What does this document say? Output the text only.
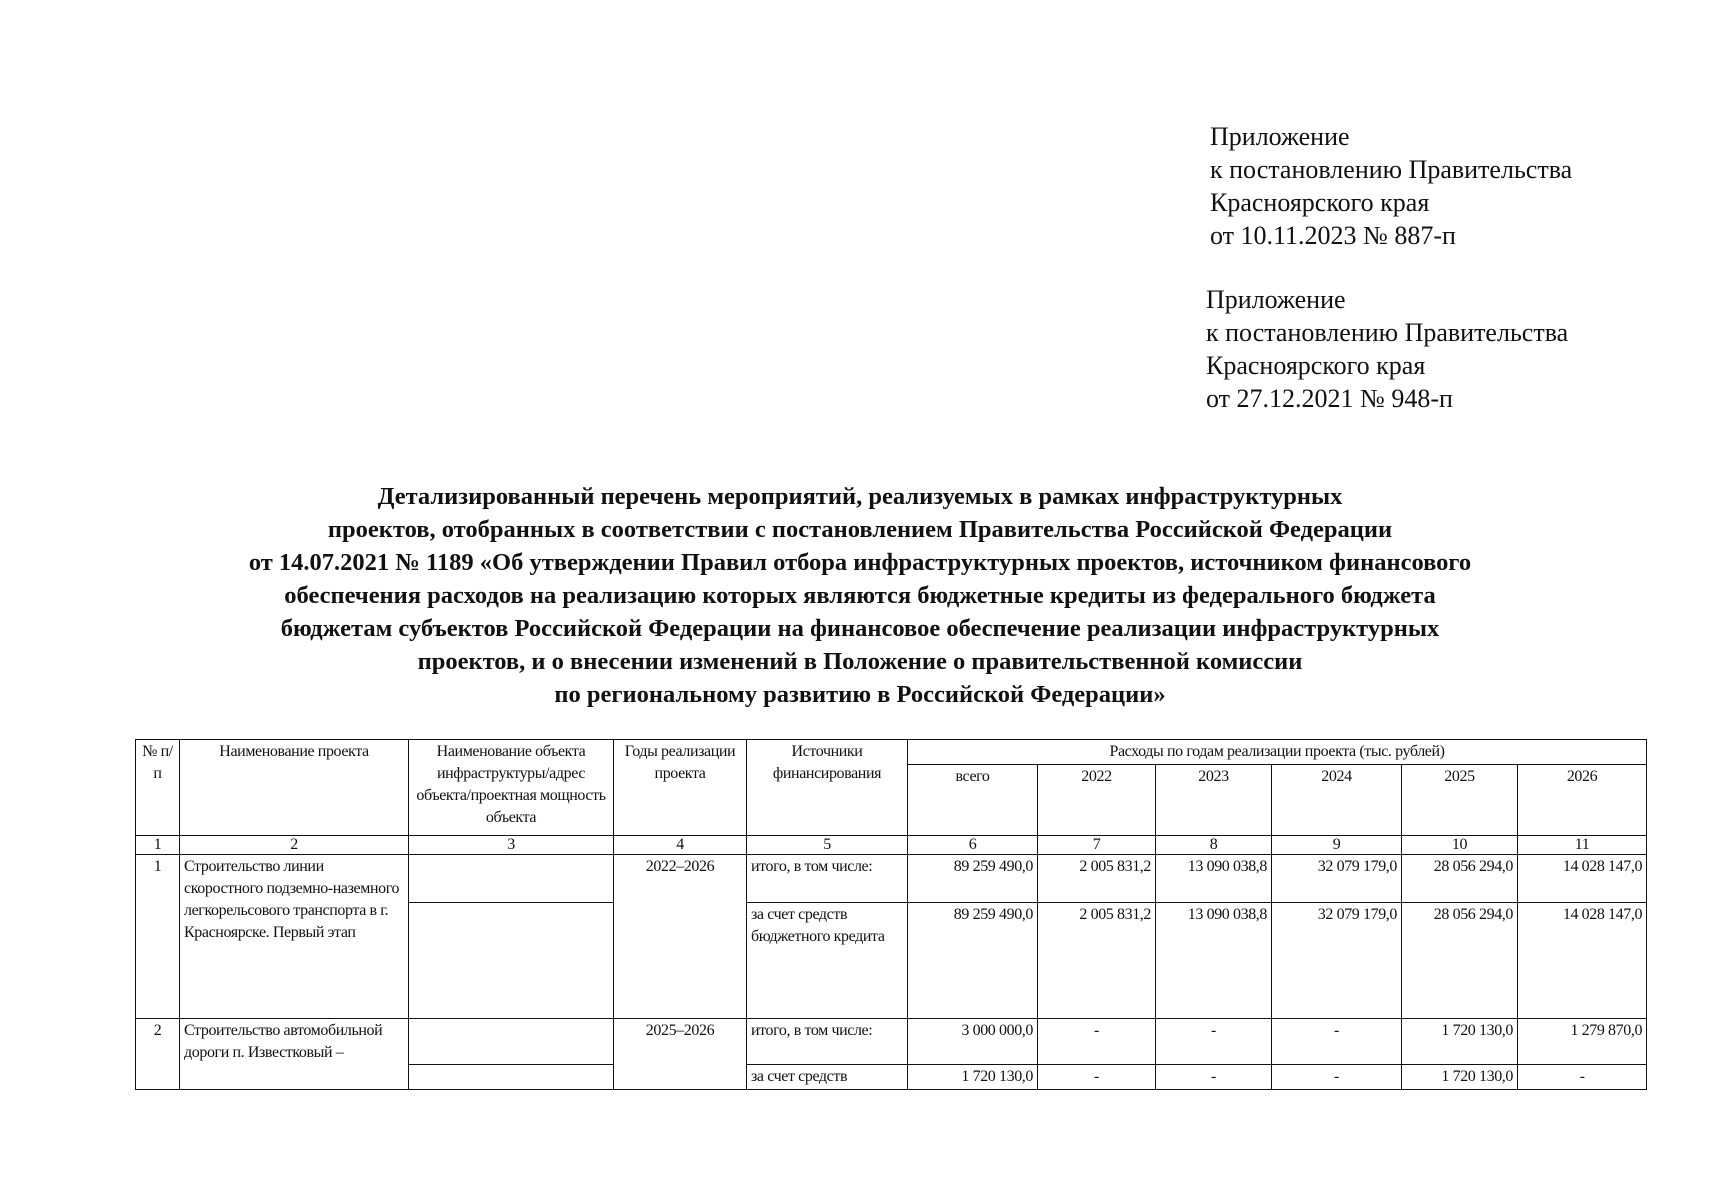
Приложение
к постановлению Правительства
Красноярского края
от 10.11.2023 № 887-п
Приложение
к постановлению Правительства
Красноярского края
от 27.12.2021 № 948-п
Детализированный перечень мероприятий, реализуемых в рамках инфраструктурных
проектов, отобранных в соответствии с постановлением Правительства Российской Федерации
от 14.07.2021 № 1189 «Об утверждении Правил отбора инфраструктурных проектов, источником финансового
обеспечения расходов на реализацию которых являются бюджетные кредиты из федерального бюджета
бюджетам субъектов Российской Федерации на финансовое обеспечение реализации инфраструктурных
проектов, и о внесении изменений в Положение о правительственной комиссии
по региональному развитию в Российской Федерации»
№ п/п	Наименование проекта	Наименование объекта инфраструктуры/адрес объекта/проектная мощность объекта	Годы реализации проекта	Источники финансирования	Расходы по годам реализации проекта (тыс. рублей)					
					всего	2022	2023	2024	2025	2026
1	2	3	4	5	6	7	8	9	10	11
1	Строительство линии скоростного подземно-наземного легкорельсового транспорта в г. Красноярске. Первый этап		2022–2026	итого, в том числе:	89 259 490,0	2 005 831,2	13 090 038,8	32 079 179,0	28 056 294,0	14 028 147,0
				за счет средств бюджетного кредита	89 259 490,0	2 005 831,2	13 090 038,8	32 079 179,0	28 056 294,0	14 028 147,0
2	Строительство автомобильной дороги п. Известковый –		2025–2026	итого, в том числе:	3 000 000,0	-	-	-	1 720 130,0	1 279 870,0
				за счет средств	1 720 130,0	-	-	-	1 720 130,0	-
